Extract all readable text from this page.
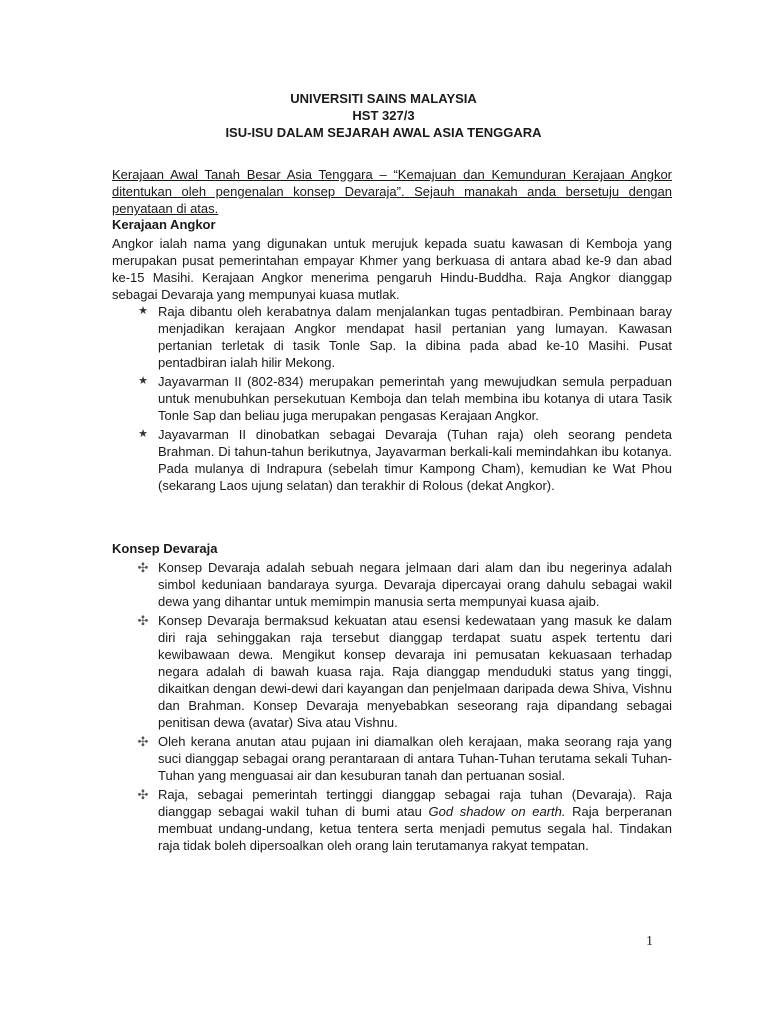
UNIVERSITI SAINS MALAYSIA
HST 327/3
ISU-ISU DALAM SEJARAH AWAL ASIA TENGGARA

Kerajaan Awal Tanah Besar Asia Tenggara – “Kemajuan dan Kemunduran Kerajaan Angkor ditentukan oleh pengenalan konsep Devaraja”. Sejauh manakah anda bersetuju dengan penyataan di atas.

Kerajaan Angkor

Angkor ialah nama yang digunakan untuk merujuk kepada suatu kawasan di Kemboja yang merupakan pusat pemerintahan empayar Khmer yang berkuasa di antara abad ke-9 dan abad ke-15 Masihi. Kerajaan Angkor menerima pengaruh Hindu-Buddha. Raja Angkor dianggap sebagai Devaraja yang mempunyai kuasa mutlak.

★ Raja dibantu oleh kerabatnya dalam menjalankan tugas pentadbiran. Pembinaan baray menjadikan kerajaan Angkor mendapat hasil pertanian yang lumayan. Kawasan pertanian terletak di tasik Tonle Sap. Ia dibina pada abad ke-10 Masihi. Pusat pentadbiran ialah hilir Mekong.
★ Jayavarman II (802-834) merupakan pemerintah yang mewujudkan semula perpaduan untuk menubuhkan persekutuan Kemboja dan telah membina ibu kotanya di utara Tasik Tonle Sap dan beliau juga merupakan pengasas Kerajaan Angkor.
★ Jayavarman II dinobatkan sebagai Devaraja (Tuhan raja) oleh seorang pendeta Brahman. Di tahun-tahun berikutnya, Jayavarman berkali-kali memindahkan ibu kotanya. Pada mulanya di Indrapura (sebelah timur Kampong Cham), kemudian ke Wat Phou (sekarang Laos ujung selatan) dan terakhir di Rolous (dekat Angkor).
Konsep Devaraja
✣ Konsep Devaraja adalah sebuah negara jelmaan dari alam dan ibu negerinya adalah simbol keduniaan bandaraya syurga. Devaraja dipercayai orang dahulu sebagai wakil dewa yang dihantar untuk memimpin manusia serta mempunyai kuasa ajaib.
✣ Konsep Devaraja bermaksud kekuatan atau esensi kedewataan yang masuk ke dalam diri raja sehinggakan raja tersebut dianggap terdapat suatu aspek tertentu dari kewibawaan dewa. Mengikut konsep devaraja ini pemusatan kekuasaan terhadap negara adalah di bawah kuasa raja. Raja dianggap menduduki status yang tinggi, dikaitkan dengan dewi-dewi dari kayangan dan penjelmaan daripada dewa Shiva, Vishnu dan Brahman. Konsep Devaraja menyebabkan seseorang raja dipandang sebagai penitisan dewa (avatar) Siva atau Vishnu.
✣ Oleh kerana anutan atau pujaan ini diamalkan oleh kerajaan, maka seorang raja yang suci dianggap sebagai orang perantaraan di antara Tuhan-Tuhan terutama sekali Tuhan-Tuhan yang menguasai air dan kesuburan tanah dan pertuanan sosial.
✣ Raja, sebagai pemerintah tertinggi dianggap sebagai raja tuhan (Devaraja). Raja dianggap sebagai wakil tuhan di bumi atau God shadow on earth. Raja berperanan membuat undang-undang, ketua tentera serta menjadi pemutus segala hal. Tindakan raja tidak boleh dipersoalkan oleh orang lain terutamanya rakyat tempatan.
1
